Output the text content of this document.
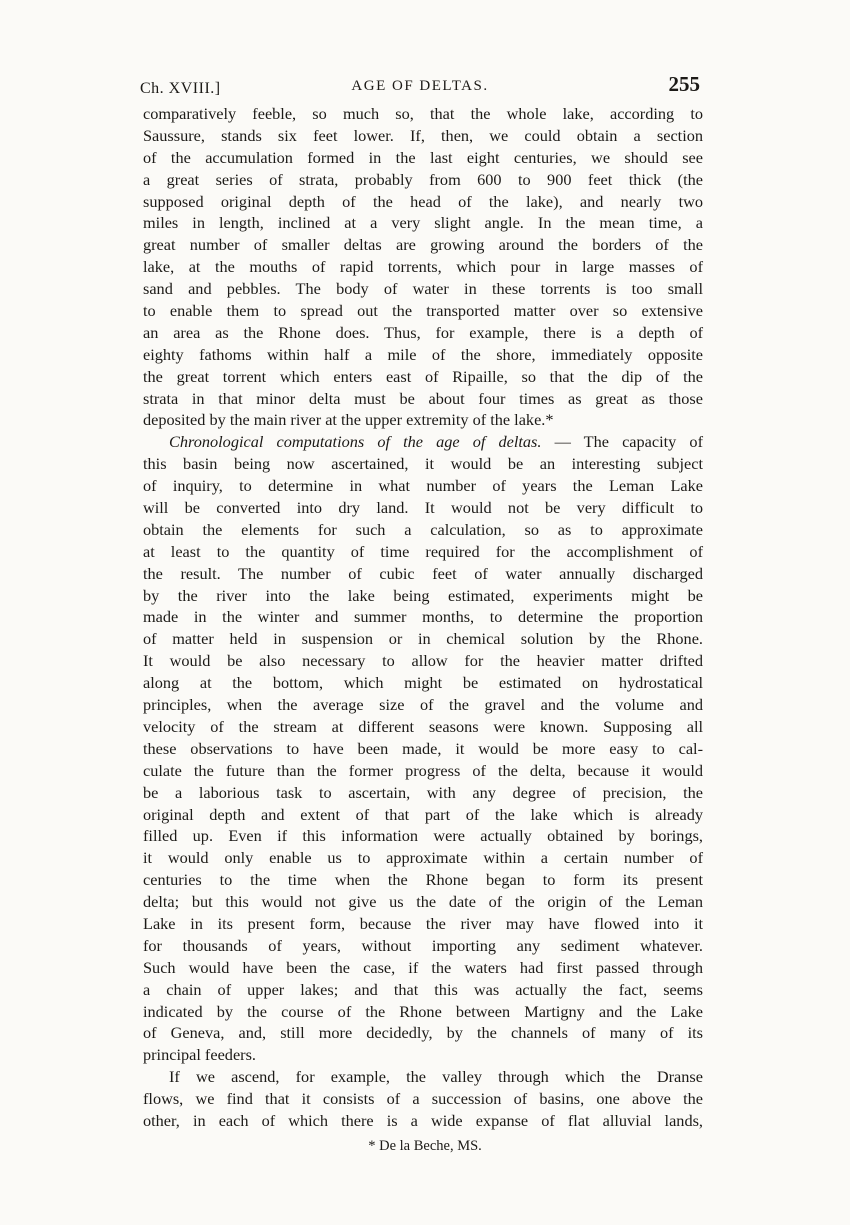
Ch. XVIII.]	AGE OF DELTAS.	255
comparatively feeble, so much so, that the whole lake, according to
Saussure, stands six feet lower. If, then, we could obtain a section
of the accumulation formed in the last eight centuries, we should see
a great series of strata, probably from 600 to 900 feet thick (the
supposed original depth of the head of the lake), and nearly two
miles in length, inclined at a very slight angle. In the mean time, a
great number of smaller deltas are growing around the borders of the
lake, at the mouths of rapid torrents, which pour in large masses of
sand and pebbles. The body of water in these torrents is too small
to enable them to spread out the transported matter over so extensive
an area as the Rhone does. Thus, for example, there is a depth of
eighty fathoms within half a mile of the shore, immediately opposite
the great torrent which enters east of Ripaille, so that the dip of the
strata in that minor delta must be about four times as great as those
deposited by the main river at the upper extremity of the lake.*
Chronological computations of the age of deltas. — The capacity of
this basin being now ascertained, it would be an interesting subject
of inquiry, to determine in what number of years the Leman Lake
will be converted into dry land. It would not be very difficult to
obtain the elements for such a calculation, so as to approximate
at least to the quantity of time required for the accomplishment of
the result. The number of cubic feet of water annually discharged
by the river into the lake being estimated, experiments might be
made in the winter and summer months, to determine the proportion
of matter held in suspension or in chemical solution by the Rhone.
It would be also necessary to allow for the heavier matter drifted
along at the bottom, which might be estimated on hydrostatical
principles, when the average size of the gravel and the volume and
velocity of the stream at different seasons were known. Supposing all
these observations to have been made, it would be more easy to cal-
culate the future than the former progress of the delta, because it would
be a laborious task to ascertain, with any degree of precision, the
original depth and extent of that part of the lake which is already
filled up. Even if this information were actually obtained by borings,
it would only enable us to approximate within a certain number of
centuries to the time when the Rhone began to form its present
delta; but this would not give us the date of the origin of the Leman
Lake in its present form, because the river may have flowed into it
for thousands of years, without importing any sediment whatever.
Such would have been the case, if the waters had first passed through
a chain of upper lakes; and that this was actually the fact, seems
indicated by the course of the Rhone between Martigny and the Lake
of Geneva, and, still more decidedly, by the channels of many of its
principal feeders.
If we ascend, for example, the valley through which the Dranse
flows, we find that it consists of a succession of basins, one above the
other, in each of which there is a wide expanse of flat alluvial lands,
* De la Beche, MS.
